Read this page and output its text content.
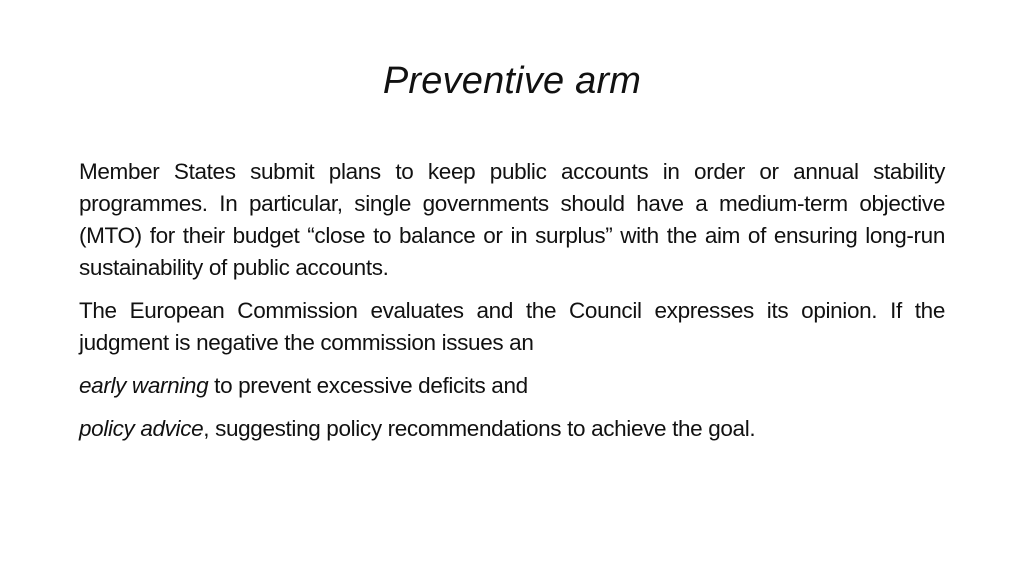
Preventive arm

Member States submit plans to keep public accounts in order or annual stability programmes. In particular, single governments should have a medium-term objective (MTO) for their budget “close to balance or in surplus” with the aim of ensuring long-run sustainability of public accounts.

The European Commission evaluates and the Council expresses its opinion. If the judgment is negative the commission issues an

early warning to prevent excessive deficits and

policy advice, suggesting policy recommendations to achieve the goal.
